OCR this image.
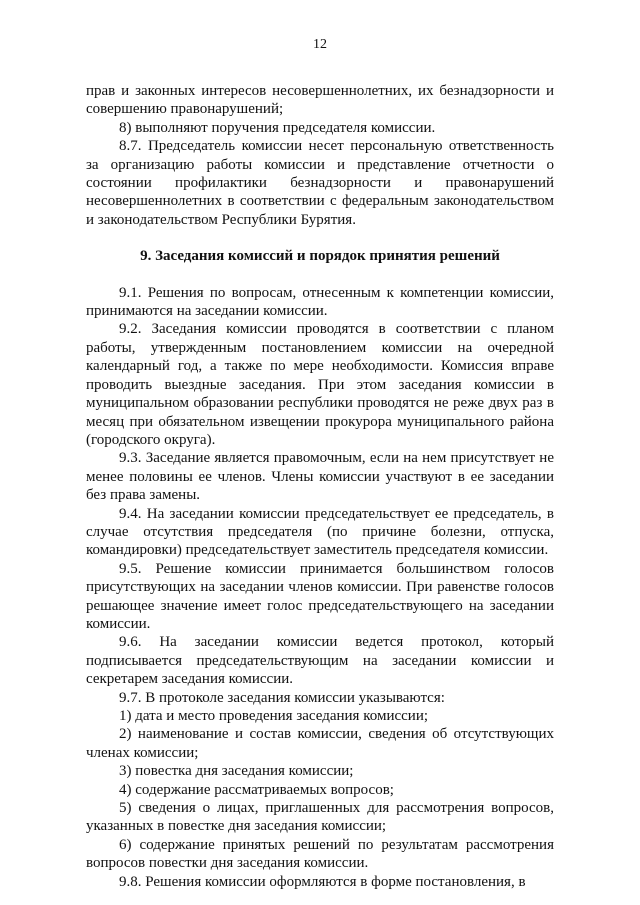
12

прав и законных интересов несовершеннолетних, их безнадзорности и совершению правонарушений;

8) выполняют поручения председателя комиссии.

8.7. Председатель комиссии несет персональную ответственность за организацию работы комиссии и представление отчетности о состоянии профилактики безнадзорности и правонарушений несовершеннолетних в соответствии с федеральным законодательством и законодательством Республики Бурятия.

9. Заседания комиссий и порядок принятия решений

9.1. Решения по вопросам, отнесенным к компетенции комиссии, принимаются на заседании комиссии.

9.2. Заседания комиссии проводятся в соответствии с планом работы, утвержденным постановлением комиссии на очередной календарный год, а также по мере необходимости. Комиссия вправе проводить выездные заседания. При этом заседания комиссии в муниципальном образовании республики проводятся не реже двух раз в месяц при обязательном извещении прокурора муниципального района (городского округа).

9.3. Заседание является правомочным, если на нем присутствует не менее половины ее членов. Члены комиссии участвуют в ее заседании без права замены.

9.4. На заседании комиссии председательствует ее председатель, в случае отсутствия председателя (по причине болезни, отпуска, командировки) председательствует заместитель председателя комиссии.

9.5. Решение комиссии принимается большинством голосов присутствующих на заседании членов комиссии. При равенстве голосов решающее значение имеет голос председательствующего на заседании комиссии.

9.6. На заседании комиссии ведется протокол, который подписывается председательствующим на заседании комиссии и секретарем заседания комиссии.

9.7. В протоколе заседания комиссии указываются:

1) дата и место проведения заседания комиссии;

2) наименование и состав комиссии, сведения об отсутствующих членах комиссии;

3) повестка дня заседания комиссии;

4) содержание рассматриваемых вопросов;

5) сведения о лицах, приглашенных для рассмотрения вопросов, указанных в повестке дня заседания комиссии;

6) содержание принятых решений по результатам рассмотрения вопросов повестки дня заседания комиссии.

9.8. Решения комиссии оформляются в форме постановления, в
